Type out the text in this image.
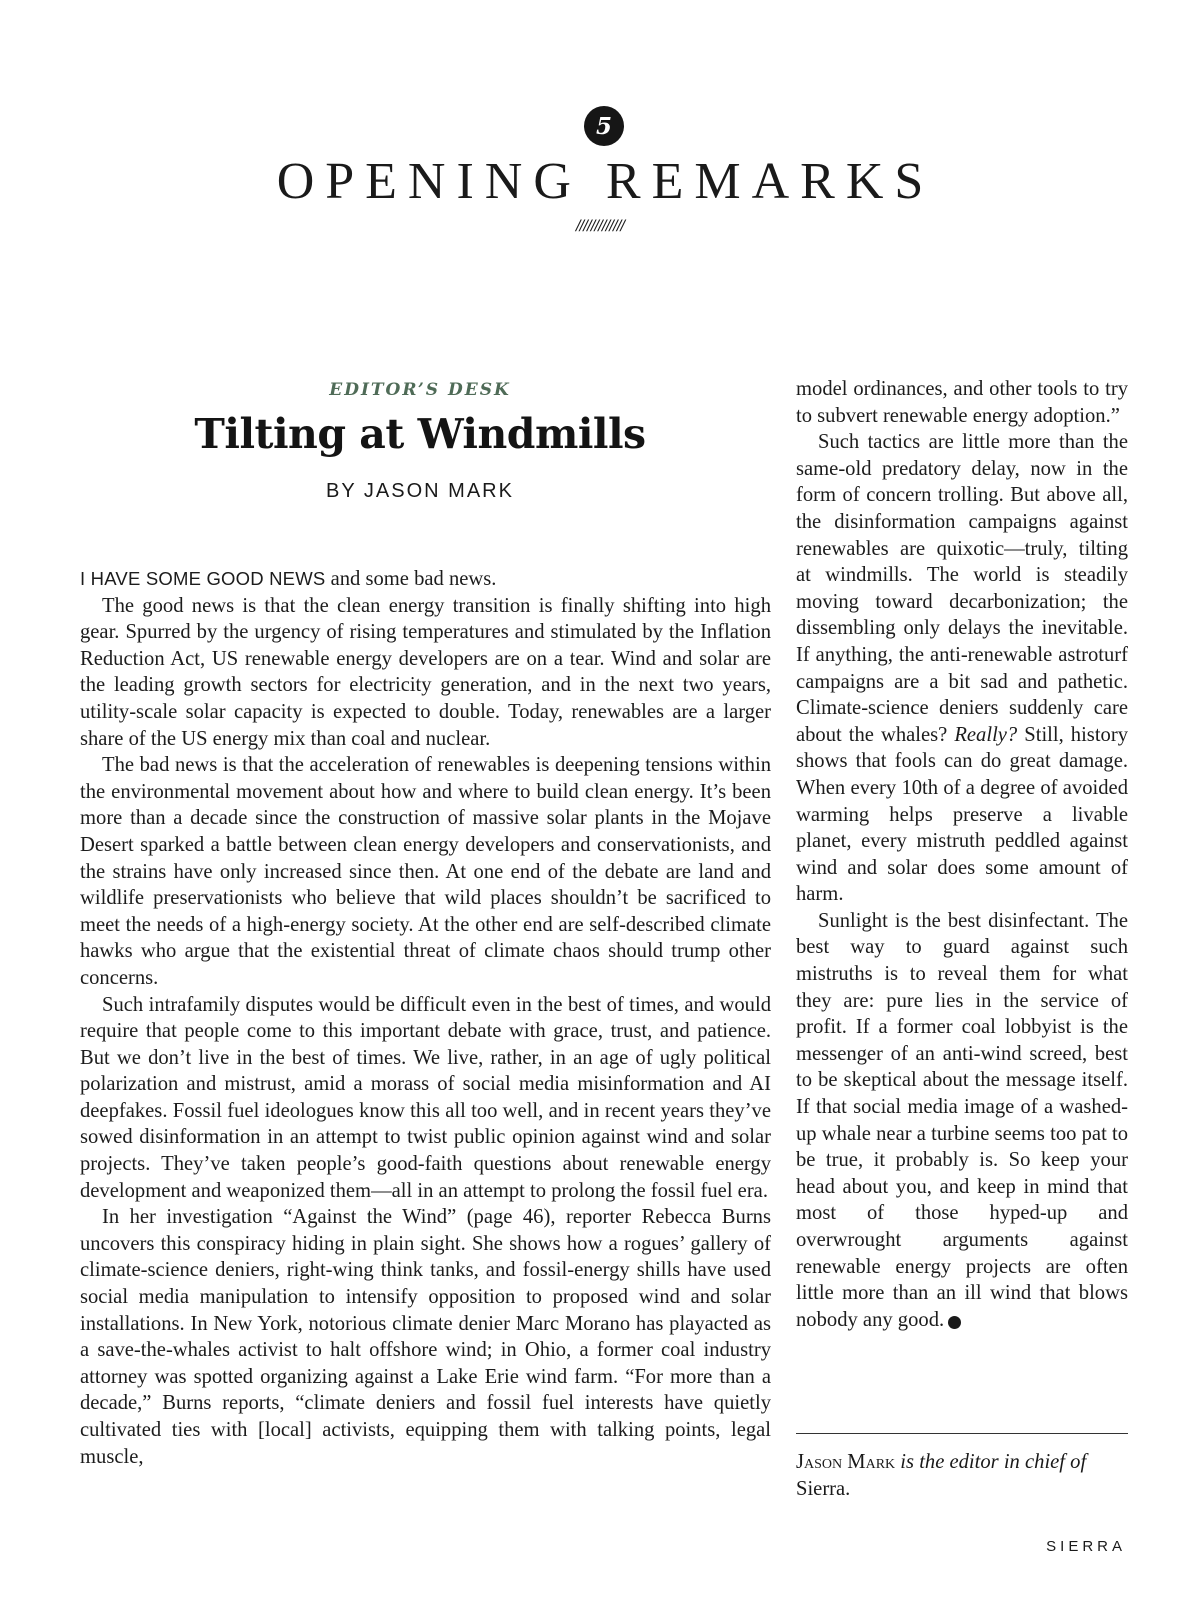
5
OPENING REMARKS
/////////////
EDITOR’S DESK
Tilting at Windmills
BY JASON MARK

I HAVE SOME GOOD NEWS and some bad news.

The good news is that the clean energy transition is finally shifting into high gear. Spurred by the urgency of rising temperatures and stimulated by the Inflation Reduction Act, US renewable energy developers are on a tear. Wind and solar are the leading growth sectors for electricity generation, and in the next two years, utility-scale solar capacity is expected to double. Today, renewables are a larger share of the US energy mix than coal and nuclear.

The bad news is that the acceleration of renewables is deepening tensions within the environmental movement about how and where to build clean energy. It’s been more than a decade since the construction of massive solar plants in the Mojave Desert sparked a battle between clean energy developers and conservationists, and the strains have only increased since then. At one end of the debate are land and wildlife preservationists who believe that wild places shouldn’t be sacrificed to meet the needs of a high-energy society. At the other end are self-described climate hawks who argue that the existential threat of climate chaos should trump other concerns.

Such intrafamily disputes would be difficult even in the best of times, and would require that people come to this important debate with grace, trust, and patience. But we don’t live in the best of times. We live, rather, in an age of ugly political polarization and mistrust, amid a morass of social media misinformation and AI deepfakes. Fossil fuel ideologues know this all too well, and in recent years they’ve sowed disinformation in an attempt to twist public opinion against wind and solar projects. They’ve taken people’s good-faith questions about renewable energy development and weaponized them—all in an attempt to prolong the fossil fuel era.

In her investigation “Against the Wind” (page 46), reporter Rebecca Burns uncovers this conspiracy hiding in plain sight. She shows how a rogues’ gallery of climate-science deniers, right-wing think tanks, and fossil-energy shills have used social media manipulation to intensify opposition to proposed wind and solar installations. In New York, notorious climate denier Marc Morano has playacted as a save-the-whales activist to halt offshore wind; in Ohio, a former coal industry attorney was spotted organizing against a Lake Erie wind farm. “For more than a decade,” Burns reports, “climate deniers and fossil fuel interests have quietly cultivated ties with [local] activists, equipping them with talking points, legal muscle,

model ordinances, and other tools to try to subvert renewable energy adoption.”

Such tactics are little more than the same-old predatory delay, now in the form of concern trolling. But above all, the disinformation campaigns against renewables are quixotic—truly, tilting at windmills. The world is steadily moving toward decarbonization; the dissembling only delays the inevitable. If anything, the anti-renewable astroturf campaigns are a bit sad and pathetic. Climate-science deniers suddenly care about the whales? Really? Still, history shows that fools can do great damage. When every 10th of a degree of avoided warming helps preserve a livable planet, every mistruth peddled against wind and solar does some amount of harm.

Sunlight is the best disinfectant. The best way to guard against such mistruths is to reveal them for what they are: pure lies in the service of profit. If a former coal lobbyist is the messenger of an anti-wind screed, best to be skeptical about the message itself. If that social media image of a washed-up whale near a turbine seems too pat to be true, it probably is. So keep your head about you, and keep in mind that most of those hyped-up and overwrought arguments against renewable energy projects are often little more than an ill wind that blows nobody any good.	S

Jason Mark is the editor in chief of Sierra.
SIERRA
